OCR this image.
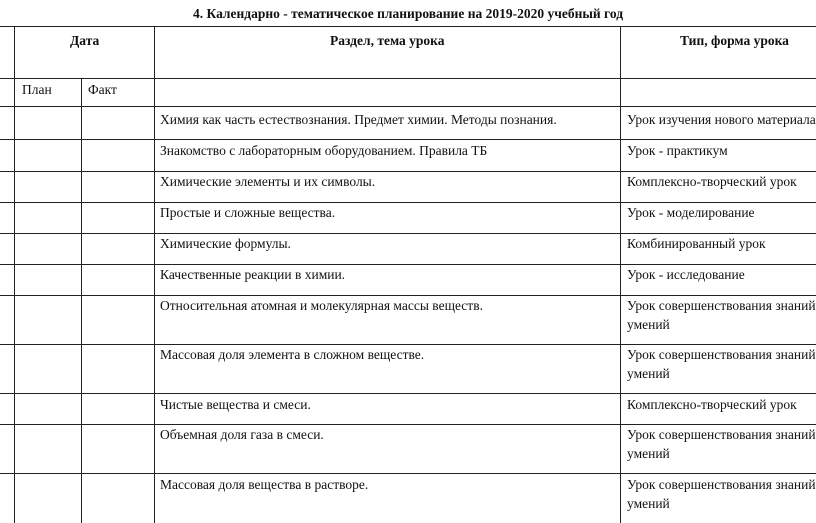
4. Календарно - тематическое планирование на 2019-2020 учебный год
Дата	Раздел, тема урока	Тип, форма урока
План	Факт
Химия как часть естествознания. Предмет химии. Методы познания.	Урок изучения нового материала
Знакомство с лабораторным оборудованием. Правила ТБ	Урок - практикум
Химические элементы и их символы.	Комплексно-творческий урок
Простые и сложные вещества.	Урок - моделирование
Химические формулы.	Комбинированный урок
Качественные реакции в химии.	Урок - исследование
Относительная атомная и молекулярная массы веществ.	Урок совершенствования знаний
умений
Массовая доля элемента в сложном веществе.	Урок совершенствования знаний
умений
Чистые вещества и смеси.	Комплексно-творческий урок
Объемная доля газа в смеси.	Урок совершенствования знаний
умений
Массовая доля вещества в растворе.	Урок совершенствования знаний
умений
